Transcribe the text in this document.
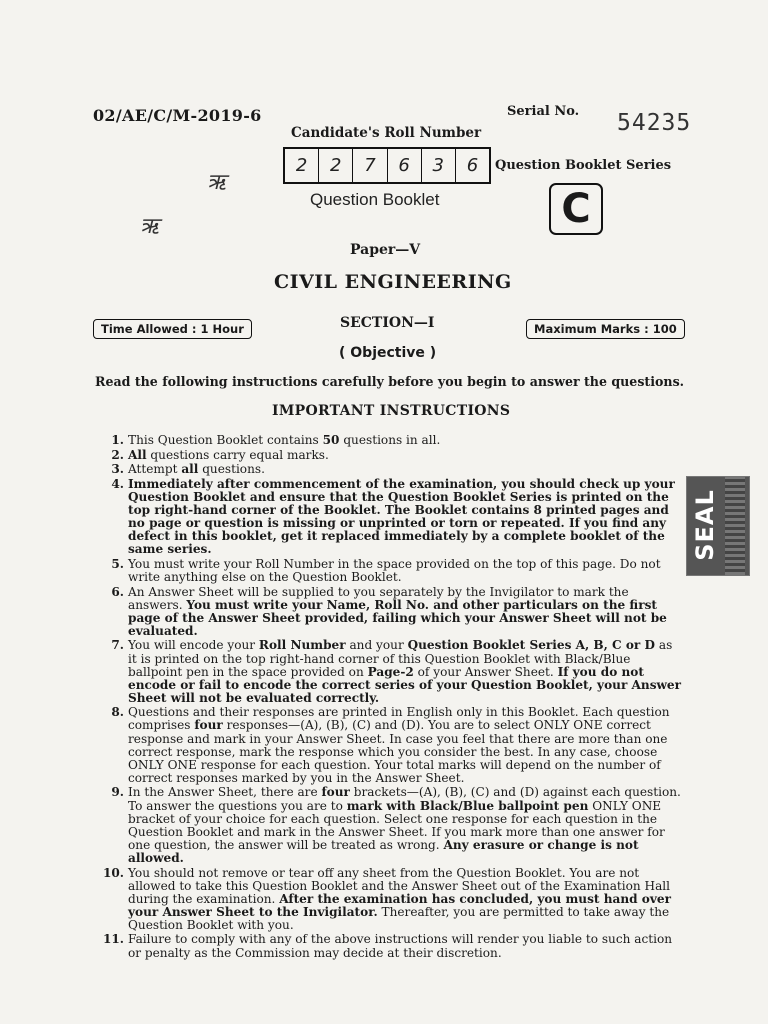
02/AE/C/M-2019-6	Serial No. 54235
Candidate's Roll Number
2	2	7	6	3	6	Question Booklet Series
Question Booklet	C
ऋ
ऋ
Paper—V
CIVIL ENGINEERING
Time Allowed : 1 Hour	SECTION—I	Maximum Marks : 100
( Objective )
Read the following instructions carefully before you begin to answer the questions.
IMPORTANT INSTRUCTIONS
1. This Question Booklet contains 50 questions in all.
2. All questions carry equal marks.
3. Attempt all questions.
4. Immediately after commencement of the examination, you should check up your Question Booklet and ensure that the Question Booklet Series is printed on the top right-hand corner of the Booklet. The Booklet contains 8 printed pages and no page or question is missing or unprinted or torn or repeated. If you find any defect in this booklet, get it replaced immediately by a complete booklet of the same series.
5. You must write your Roll Number in the space provided on the top of this page. Do not write anything else on the Question Booklet.
6. An Answer Sheet will be supplied to you separately by the Invigilator to mark the answers. You must write your Name, Roll No. and other particulars on the first page of the Answer Sheet provided, failing which your Answer Sheet will not be evaluated.
7. You will encode your Roll Number and your Question Booklet Series A, B, C or D as it is printed on the top right-hand corner of this Question Booklet with Black/Blue ballpoint pen in the space provided on Page-2 of your Answer Sheet. If you do not encode or fail to encode the correct series of your Question Booklet, your Answer Sheet will not be evaluated correctly.
8. Questions and their responses are printed in English only in this Booklet. Each question comprises four responses—(A), (B), (C) and (D). You are to select ONLY ONE correct response and mark in your Answer Sheet. In case you feel that there are more than one correct response, mark the response which you consider the best. In any case, choose ONLY ONE response for each question. Your total marks will depend on the number of correct responses marked by you in the Answer Sheet.
9. In the Answer Sheet, there are four brackets—(A), (B), (C) and (D) against each question. To answer the questions you are to mark with Black/Blue ballpoint pen ONLY ONE bracket of your choice for each question. Select one response for each question in the Question Booklet and mark in the Answer Sheet. If you mark more than one answer for one question, the answer will be treated as wrong. Any erasure or change is not allowed.
10. You should not remove or tear off any sheet from the Question Booklet. You are not allowed to take this Question Booklet and the Answer Sheet out of the Examination Hall during the examination. After the examination has concluded, you must hand over your Answer Sheet to the Invigilator. Thereafter, you are permitted to take away the Question Booklet with you.
11. Failure to comply with any of the above instructions will render you liable to such action or penalty as the Commission may decide at their discretion.
SEAL
